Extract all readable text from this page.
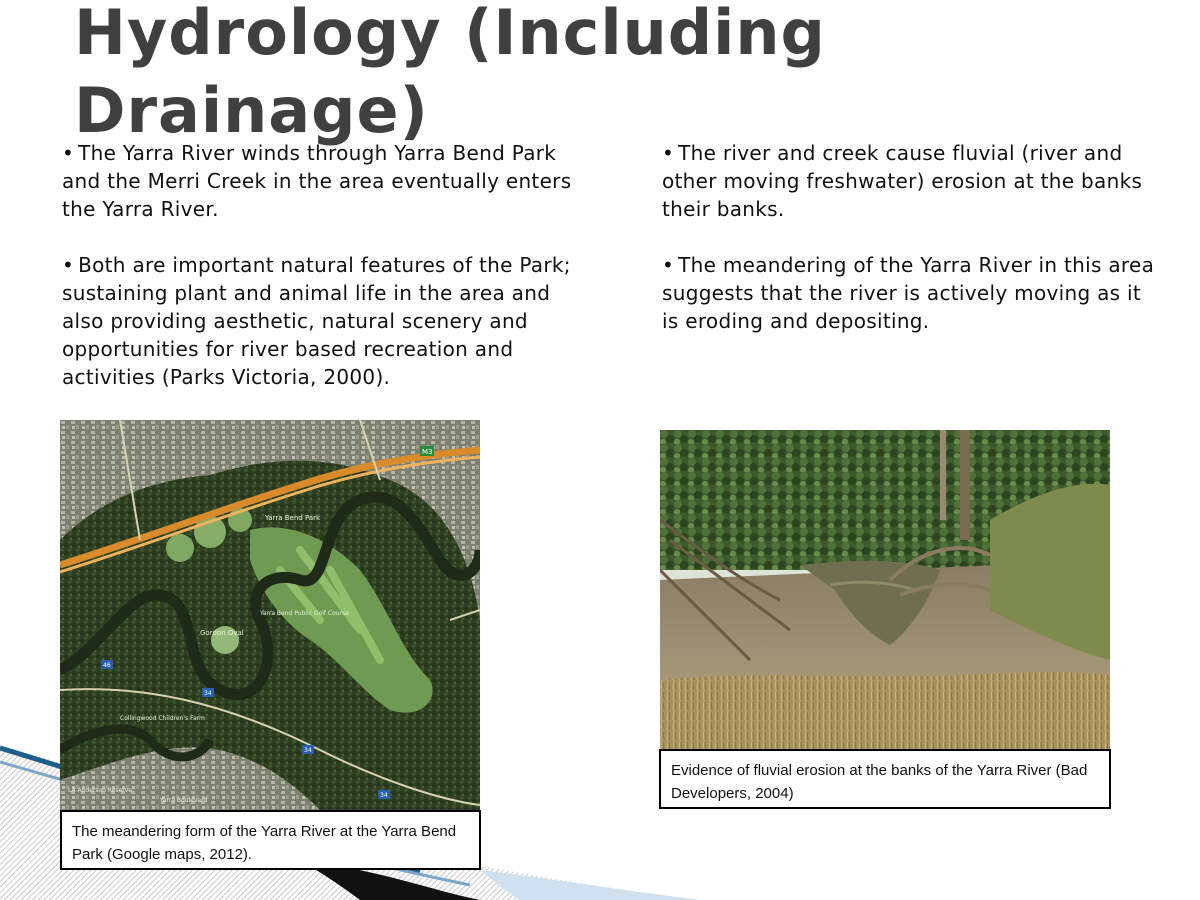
Hydrology (Including Drainage)

• The Yarra River winds through Yarra Bend Park and the Merri Creek in the area eventually enters the Yarra River.

• Both are important natural features of the Park; sustaining plant and animal life in the area and also providing aesthetic, natural scenery and opportunities for river based recreation and activities (Parks Victoria, 2000).

• The river and creek cause fluvial (river and other moving freshwater) erosion at the banks their banks.

• The meandering of the Yarra River in this area suggests that the river is actively moving as it is eroding and depositing.

M3
46
34
34
34
Yarra Bend Park
Yarra Bend Public Golf Course
Gordon Oval
Collingwood Children's Farm
Yarra Boulevard
LA Anderson Reserve
The meandering form of the Yarra River at the Yarra Bend Park (Google maps, 2012).
Evidence of fluvial erosion at the banks of the Yarra River (Bad Developers, 2004)
